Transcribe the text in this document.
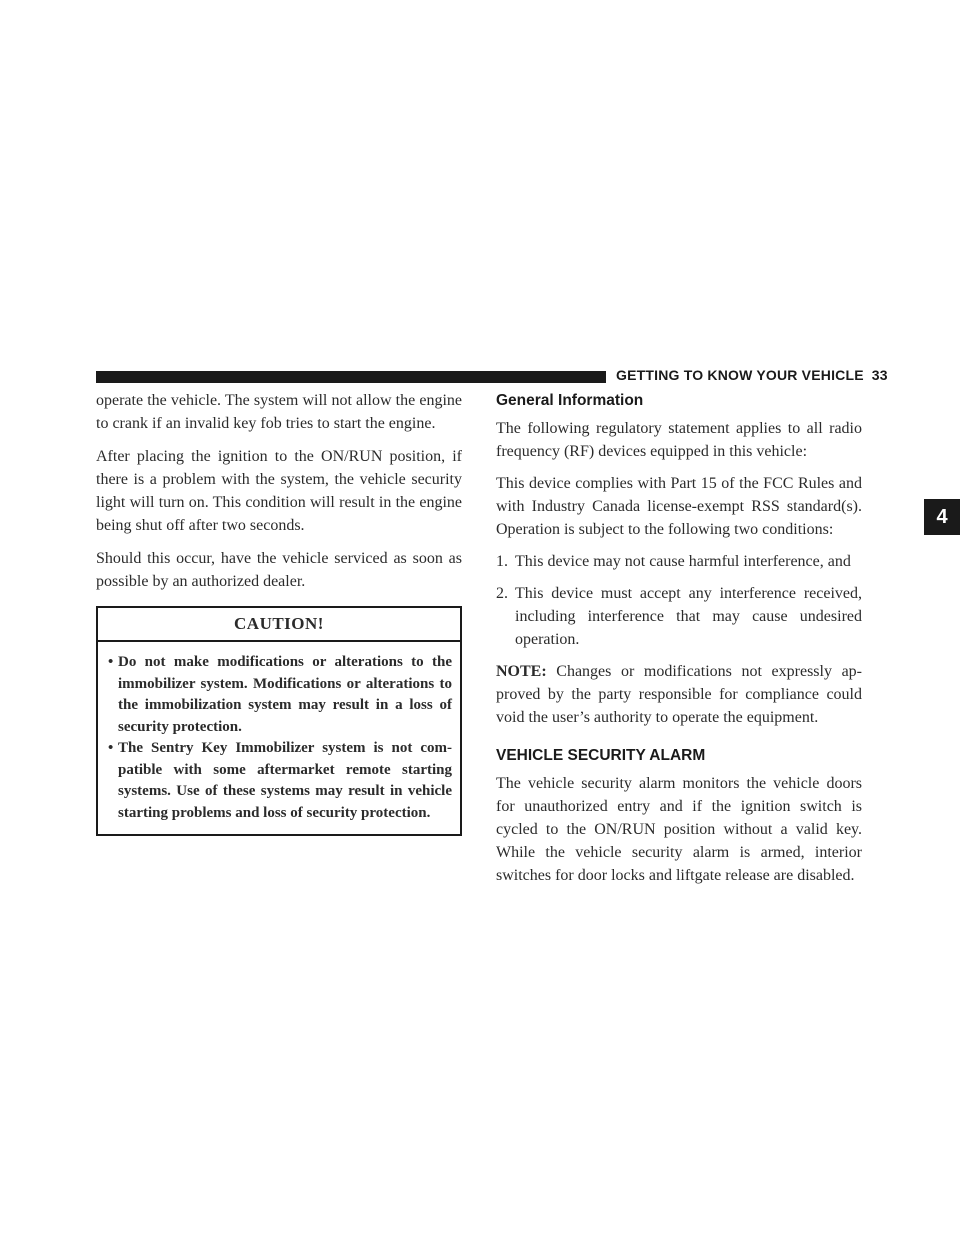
GETTING TO KNOW YOUR VEHICLE 33
4

operate the vehicle. The system will not allow the engine to crank if an invalid key fob tries to start the engine.

After placing the ignition to the ON/RUN position, if there is a problem with the system, the vehicle security light will turn on. This condition will result in the engine being shut off after two seconds.

Should this occur, have the vehicle serviced as soon as possible by an authorized dealer.

CAUTION!
• Do not make modifications or alterations to the immobilizer system. Modifications or alterations to the immobilization system may result in a loss of security protection.
• The Sentry Key Immobilizer system is not com-patible with some aftermarket remote starting systems. Use of these systems may result in vehicle starting problems and loss of security protection.
General Information

The following regulatory statement applies to all radio frequency (RF) devices equipped in this vehicle:

This device complies with Part 15 of the FCC Rules and with Industry Canada license-exempt RSS standard(s). Operation is subject to the following two conditions:

1. This device may not cause harmful interference, and
2. This device must accept any interference received, including interference that may cause undesired operation.

NOTE: Changes or modifications not expressly ap-proved by the party responsible for compliance could void the user’s authority to operate the equipment.

VEHICLE SECURITY ALARM

The vehicle security alarm monitors the vehicle doors for unauthorized entry and if the ignition switch is cycled to the ON/RUN position without a valid key. While the vehicle security alarm is armed, interior switches for door locks and liftgate release are disabled.
